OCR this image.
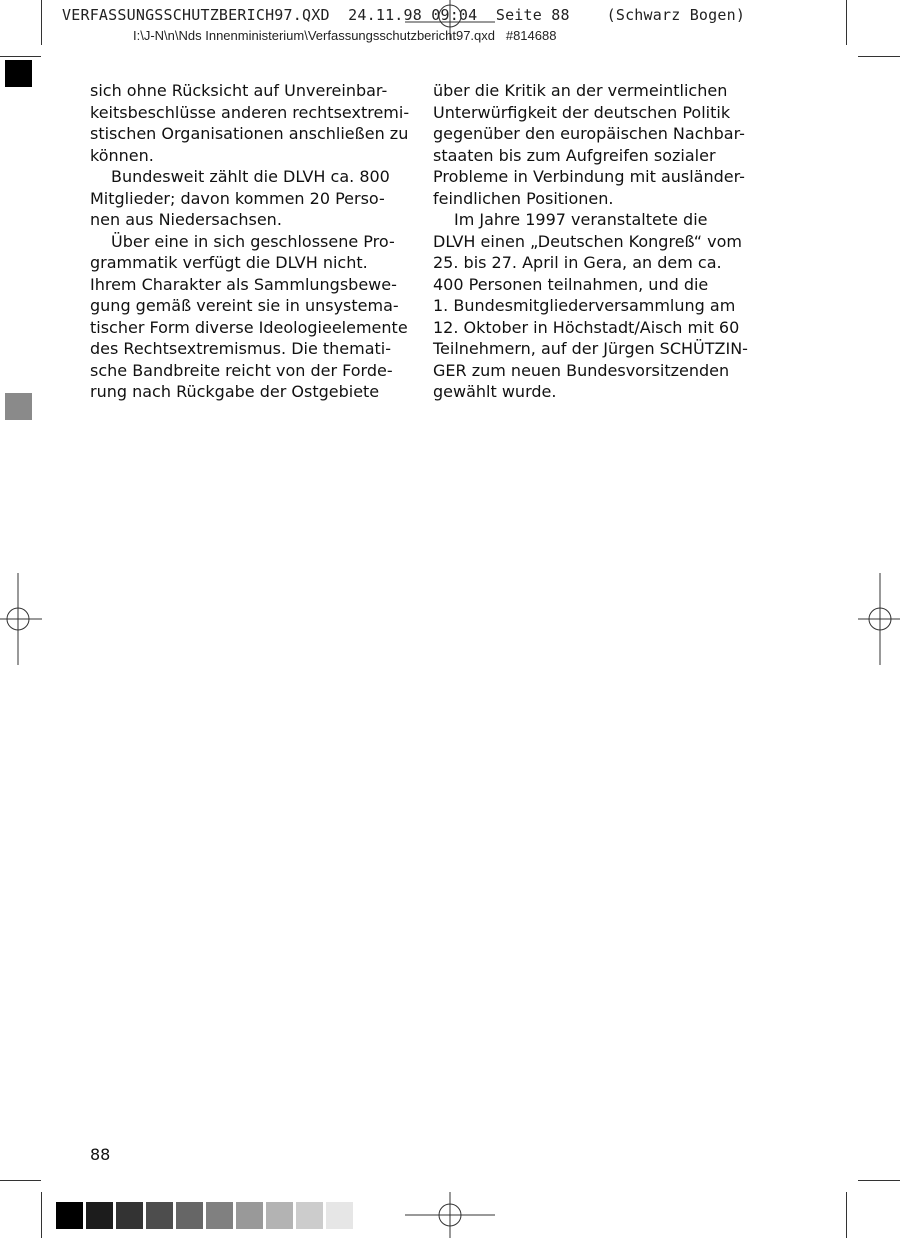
VERFASSUNGSSCHUTZBERICH97.QXD  24.11.98 09:04  Seite 88    (Schwarz Bogen)
I:\J-N\n\Nds Innenministerium\Verfassungsschutzbericht97.qxd   #814688
sich ohne Rücksicht auf Unvereinbar-
keitsbeschlüsse anderen rechtsextremi-
stischen Organisationen anschließen zu
können.
Bundesweit zählt die DLVH ca. 800
Mitglieder; davon kommen 20 Perso-
nen aus Niedersachsen.
Über eine in sich geschlossene Pro-
grammatik verfügt die DLVH nicht.
Ihrem Charakter als Sammlungsbewe-
gung gemäß vereint sie in unsystema-
tischer Form diverse Ideologieelemente
des Rechtsextremismus. Die themati-
sche Bandbreite reicht von der Forde-
rung nach Rückgabe der Ostgebiete
über die Kritik an der vermeintlichen
Unterwürfigkeit der deutschen Politik
gegenüber den europäischen Nachbar-
staaten bis zum Aufgreifen sozialer
Probleme in Verbindung mit ausländer-
feindlichen Positionen.
Im Jahre 1997 veranstaltete die
DLVH einen „Deutschen Kongreß“ vom
25. bis 27. April in Gera, an dem ca.
400 Personen teilnahmen, und die
1. Bundesmitgliederversammlung am
12. Oktober in Höchstadt/Aisch mit 60
Teilnehmern, auf der Jürgen SCHÜTZIN-
GER zum neuen Bundesvorsitzenden
gewählt wurde.
88
